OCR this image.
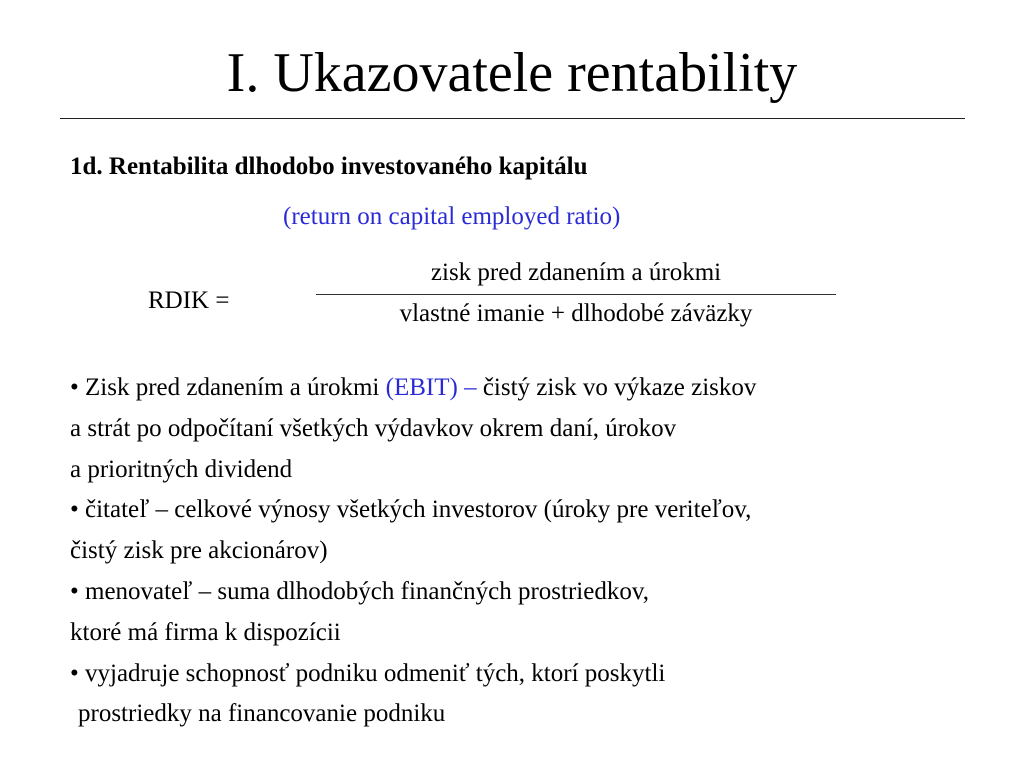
I. Ukazovatele rentability
1d. Rentabilita dlhodobo investovaného kapitálu
(return on capital employed ratio)
RDIK =
zisk pred zdanením a úrokmi
vlastné imanie + dlhodobé záväzky
• Zisk pred zdanením a úrokmi (EBIT) – čistý zisk vo výkaze ziskov
a strát po odpočítaní všetkých výdavkov okrem daní, úrokov
a prioritných dividend
• čitateľ – celkové výnosy všetkých investorov (úroky pre veriteľov,
čistý zisk pre akcionárov)
• menovateľ – suma dlhodobých finančných prostriedkov,
ktoré má firma k dispozícii
• vyjadruje schopnosť podniku odmeniť tých, ktorí poskytli
prostriedky na financovanie podniku
